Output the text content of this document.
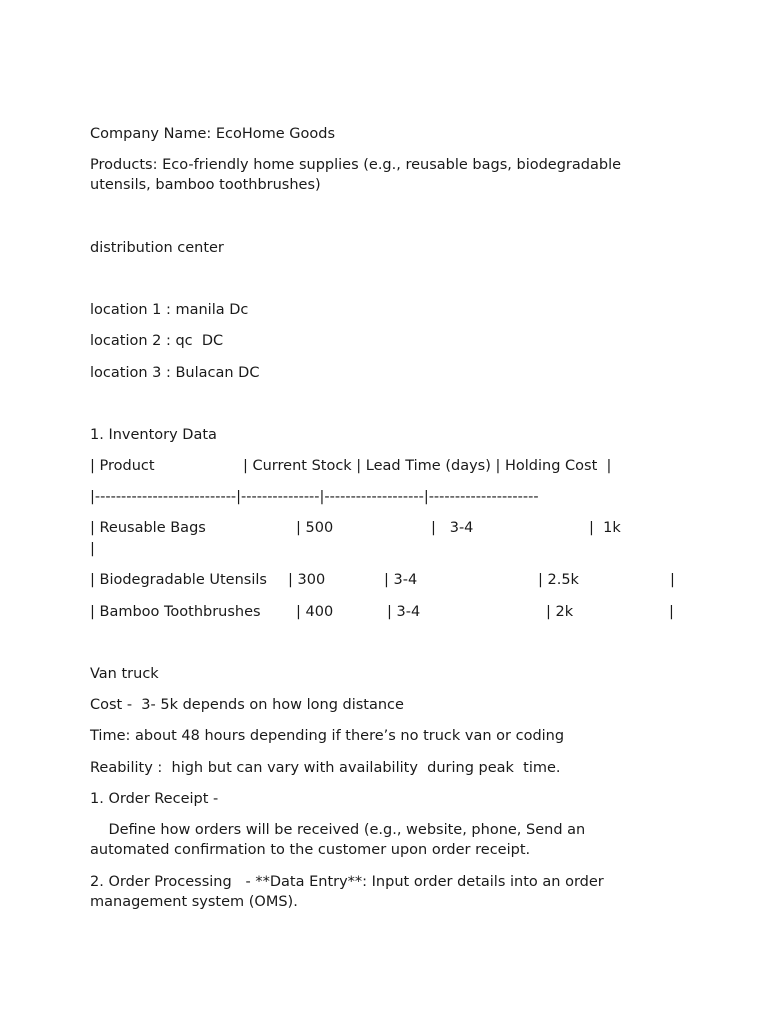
Company Name: EcoHome Goods
Products: Eco-friendly home supplies (e.g., reusable bags, biodegradable utensils, bamboo toothbrushes)
distribution center
location 1 : manila Dc
location 2 : qc  DC
location 3 : Bulacan DC
1. Inventory Data
| Product	| Current Stock | Lead Time (days) | Holding Cost  |
|---------------------------|---------------|-------------------|---------------------
| Reusable Bags	| 500	|   3-4	|  1k
|
| Biodegradable Utensils | 300	| 3-4	| 2.5k	|
| Bamboo Toothbrushes | 400	| 3-4	| 2k	|
Van truck
Cost -  3- 5k depends on how long distance
Time: about 48 hours depending if there’s no truck van or coding
Reability :  high but can vary with availability  during peak  time.
1. Order Receipt -
Define how orders will be received (e.g., website, phone, Send an automated confirmation to the customer upon order receipt.
2. Order Processing   - **Data Entry**: Input order details into an order management system (OMS).
